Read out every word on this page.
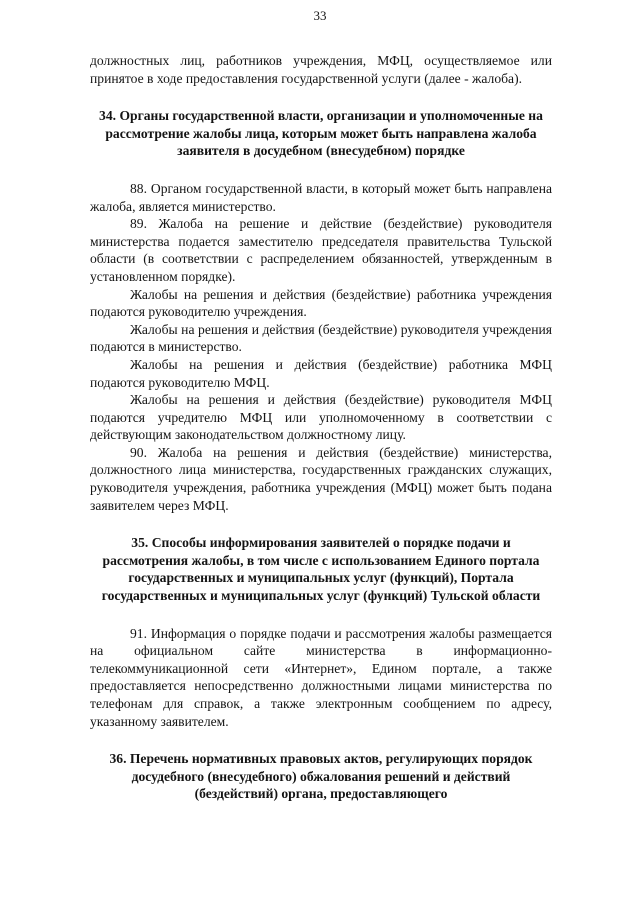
33

должностных лиц, работников учреждения, МФЦ, осуществляемое или принятое в ходе предоставления государственной услуги (далее - жалоба).

34. Органы государственной власти, организации и уполномоченные на рассмотрение жалобы лица, которым может быть направлена жалоба заявителя в досудебном (внесудебном) порядке

88. Органом государственной власти, в который может быть направлена жалоба, является министерство.

89. Жалоба на решение и действие (бездействие) руководителя министерства подается заместителю председателя правительства Тульской области (в соответствии с распределением обязанностей, утвержденным в установленном порядке).

Жалобы на решения и действия (бездействие) работника учреждения подаются руководителю учреждения.

Жалобы на решения и действия (бездействие) руководителя учреждения подаются в министерство.

Жалобы на решения и действия (бездействие) работника МФЦ подаются руководителю МФЦ.

Жалобы на решения и действия (бездействие) руководителя МФЦ подаются учредителю МФЦ или уполномоченному в соответствии с действующим законодательством должностному лицу.

90. Жалоба на решения и действия (бездействие) министерства, должностного лица министерства, государственных гражданских служащих, руководителя учреждения, работника учреждения (МФЦ) может быть подана заявителем через МФЦ.

35. Способы информирования заявителей о порядке подачи и рассмотрения жалобы, в том числе с использованием Единого портала государственных и муниципальных услуг (функций), Портала государственных и муниципальных услуг (функций) Тульской области

91. Информация о порядке подачи и рассмотрения жалобы размещается на официальном сайте министерства в информационно-телекоммуникационной сети «Интернет», Едином портале, а также предоставляется непосредственно должностными лицами министерства по телефонам для справок, а также электронным сообщением по адресу, указанному заявителем.

36. Перечень нормативных правовых актов, регулирующих порядок досудебного (внесудебного) обжалования решений и действий (бездействий) органа, предоставляющего
